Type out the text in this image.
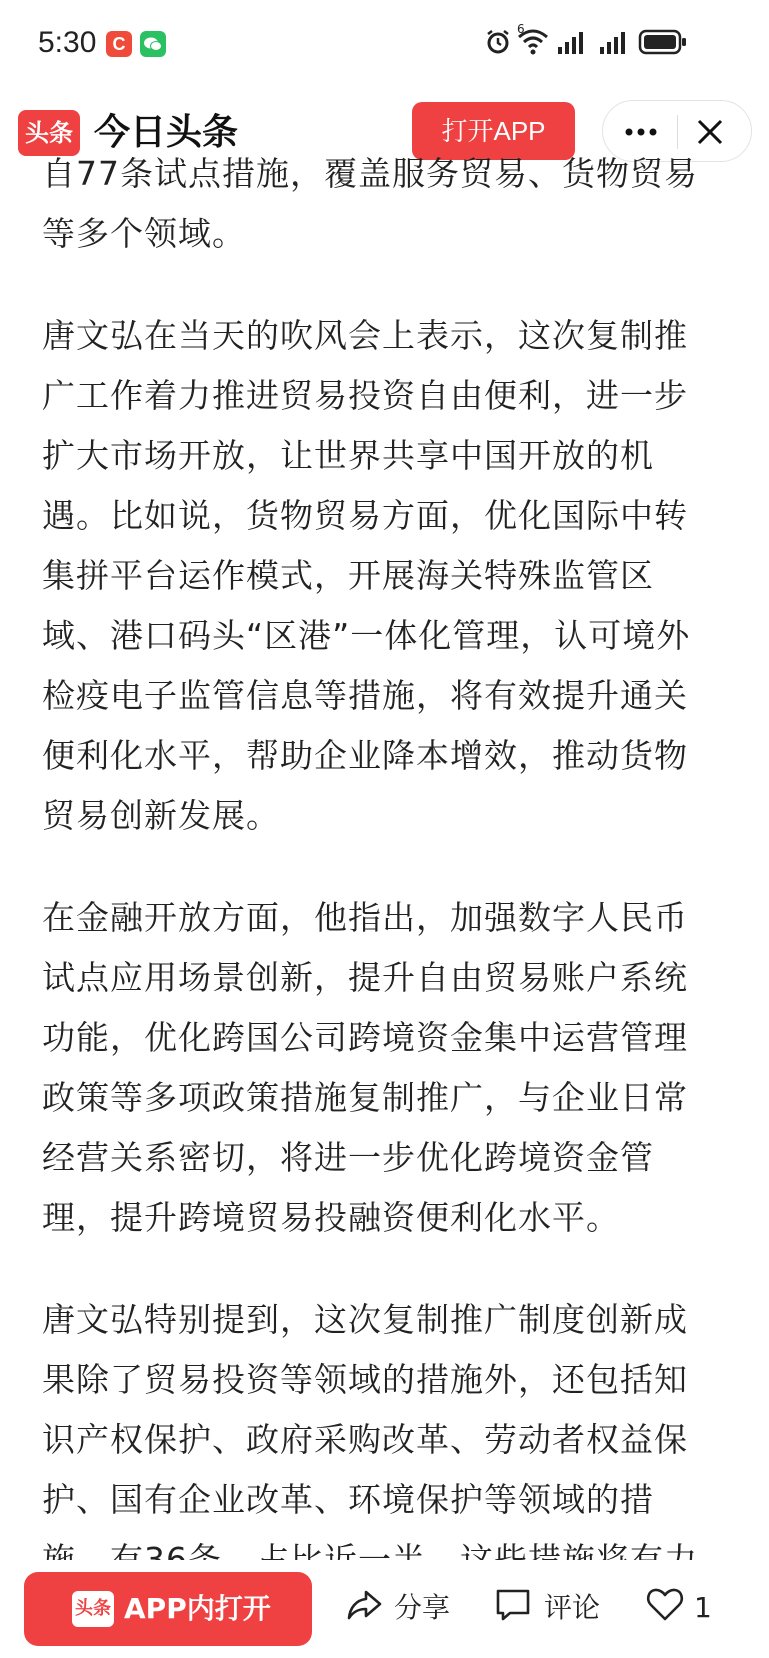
5:30 C
6
头条 今日头条	打开APP

自77条试点措施，覆盖服务贸易、货物贸易等多个领域。

唐文弘在当天的吹风会上表示，这次复制推广工作着力推进贸易投资自由便利，进一步扩大市场开放，让世界共享中国开放的机遇。比如说，货物贸易方面，优化国际中转集拼平台运作模式，开展海关特殊监管区域、港口码头“区港”一体化管理，认可境外检疫电子监管信息等措施，将有效提升通关便利化水平，帮助企业降本增效，推动货物贸易创新发展。

在金融开放方面，他指出，加强数字人民币试点应用场景创新，提升自由贸易账户系统功能，优化跨国公司跨境资金集中运营管理政策等多项政策措施复制推广，与企业日常经营关系密切，将进一步优化跨境资金管理，提升跨境贸易投融资便利化水平。

唐文弘特别提到，这次复制推广制度创新成果除了贸易投资等领域的措施外，还包括知识产权保护、政府采购改革、劳动者权益保护、国有企业改革、环境保护等领域的措

头条 APP内打开	分享	评论	1
